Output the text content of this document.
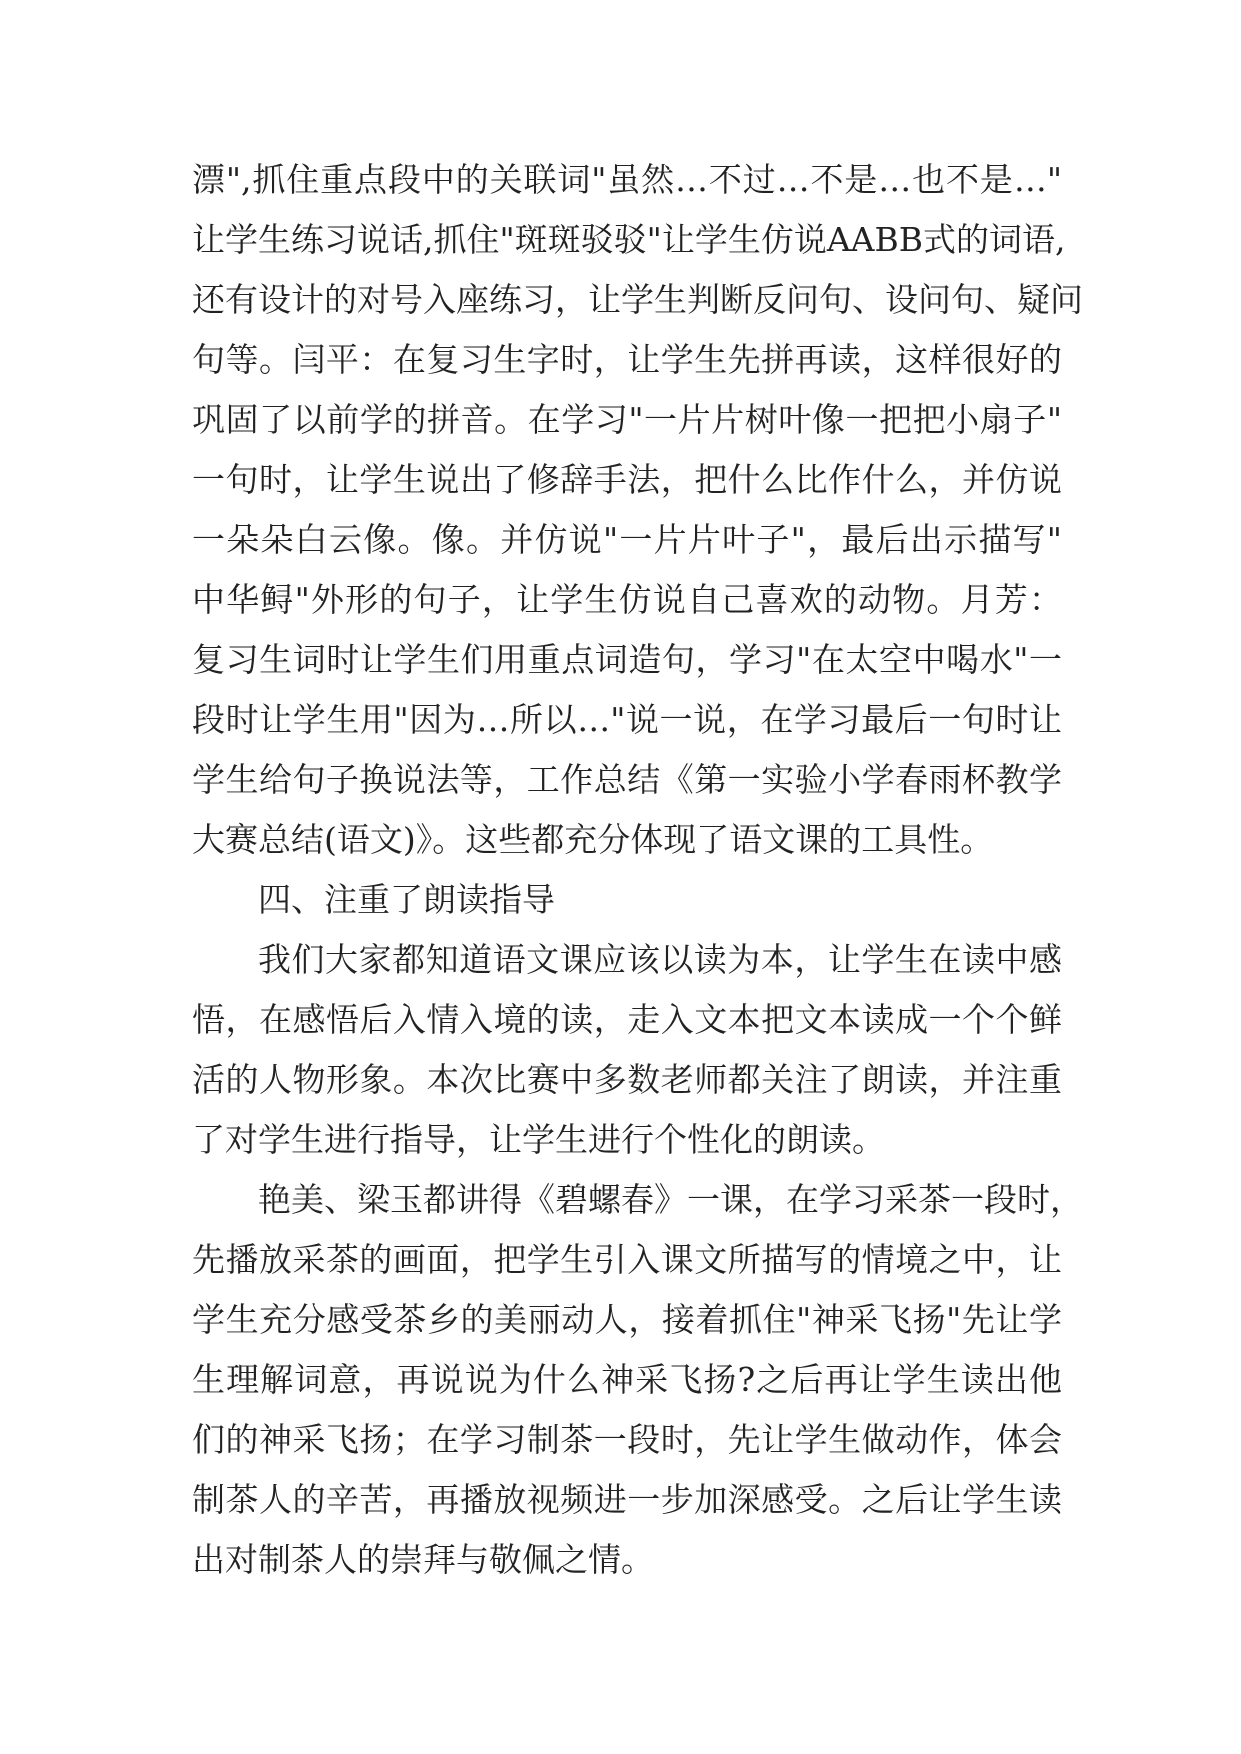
漂",抓住重点段中的关联词"虽然…不过…不是…也不是…"
让学生练习说话,抓住"斑斑驳驳"让学生仿说AABB式的词语,
还有设计的对号入座练习，让学生判断反问句、设问句、疑问
句等。闫平：在复习生字时，让学生先拼再读，这样很好的
巩固了以前学的拼音。在学习"一片片树叶像一把把小扇子"
一句时，让学生说出了修辞手法，把什么比作什么，并仿说
一朵朵白云像。像。并仿说"一片片叶子"，最后出示描写"
中华鲟"外形的句子，让学生仿说自己喜欢的动物。月芳：
复习生词时让学生们用重点词造句，学习"在太空中喝水"一
段时让学生用"因为…所以…"说一说，在学习最后一句时让
学生给句子换说法等，工作总结《第一实验小学春雨杯教学
大赛总结(语文)》。这些都充分体现了语文课的工具性。
四、注重了朗读指导
我们大家都知道语文课应该以读为本，让学生在读中感
悟，在感悟后入情入境的读，走入文本把文本读成一个个鲜
活的人物形象。本次比赛中多数老师都关注了朗读，并注重
了对学生进行指导，让学生进行个性化的朗读。
艳美、梁玉都讲得《碧螺春》一课，在学习采茶一段时，
先播放采茶的画面，把学生引入课文所描写的情境之中，让
学生充分感受茶乡的美丽动人，接着抓住"神采飞扬"先让学
生理解词意，再说说为什么神采飞扬?之后再让学生读出他
们的神采飞扬；在学习制茶一段时，先让学生做动作，体会
制茶人的辛苦，再播放视频进一步加深感受。之后让学生读
出对制茶人的崇拜与敬佩之情。
